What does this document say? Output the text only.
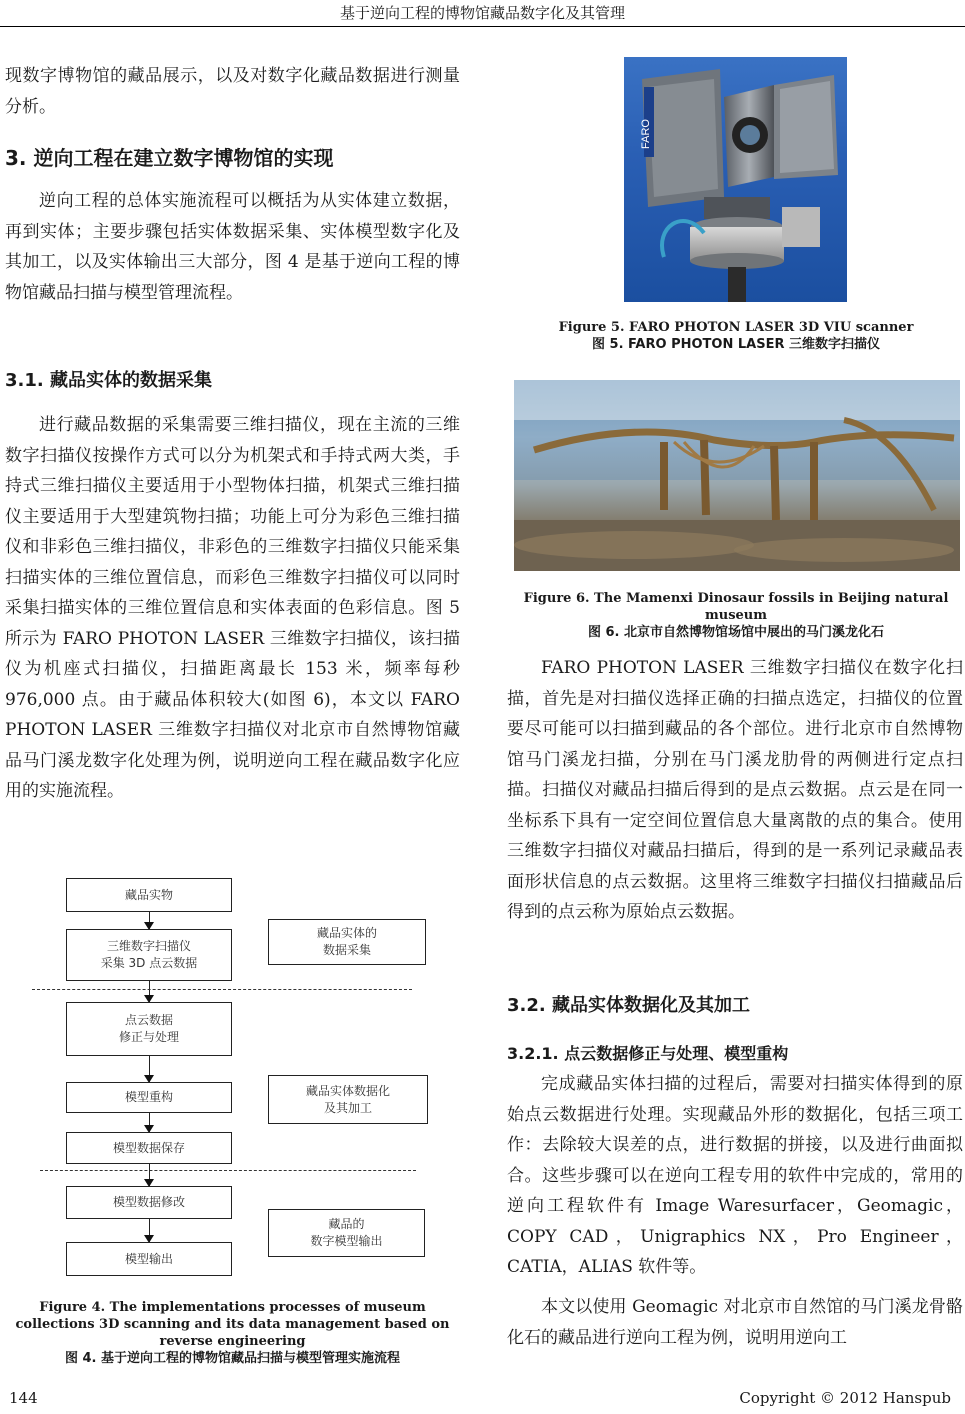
基于逆向工程的博物馆藏品数字化及其管理

现数字博物馆的藏品展示，以及对数字化藏品数据进行测量分析。

3. 逆向工程在建立数字博物馆的实现

逆向工程的总体实施流程可以概括为从实体建立数据，再到实体；主要步骤包括实体数据采集、实体模型数字化及其加工，以及实体输出三大部分，图 4 是基于逆向工程的博物馆藏品扫描与模型管理流程。

3.1. 藏品实体的数据采集

进行藏品数据的采集需要三维扫描仪，现在主流的三维数字扫描仪按操作方式可以分为机架式和手持式两大类，手持式三维扫描仪主要适用于小型物体扫描，机架式三维扫描仪主要适用于大型建筑物扫描；功能上可分为彩色三维扫描仪和非彩色三维扫描仪，非彩色的三维数字扫描仪只能采集扫描实体的三维位置信息，而彩色三维数字扫描仪可以同时采集扫描实体的三维位置信息和实体表面的色彩信息。图 5 所示为 FARO PHOTON LASER 三维数字扫描仪，该扫描仪为机座式扫描仪，扫描距离最长 153 米，频率每秒 976,000 点。由于藏品体积较大(如图 6)，本文以 FARO PHOTON LASER 三维数字扫描仪对北京市自然博物馆藏品马门溪龙数字化处理为例，说明逆向工程在藏品数字化应用的实施流程。

藏品实物
三维数字扫描仪
采集 3D 点云数据
藏品实体的
数据采集
点云数据
修正与处理
模型重构	藏品实体数据化
及其加工
模型数据保存
模型数据修改
藏品的
数字模型输出
模型输出
Figure 4. The implementations processes of museum collections 3D scanning and its data management based on reverse engineering
图 4. 基于逆向工程的博物馆藏品扫描与模型管理实施流程
FARO
Figure 5. FARO PHOTON LASER 3D VIU scanner
图 5. FARO PHOTON LASER 三维数字扫描仪
Figure 6. The Mamenxi Dinosaur fossils in Beijing natural museum
图 6. 北京市自然博物馆场馆中展出的马门溪龙化石

FARO PHOTON LASER 三维数字扫描仪在数字化扫描，首先是对扫描仪选择正确的扫描点选定，扫描仪的位置要尽可能可以扫描到藏品的各个部位。进行北京市自然博物馆马门溪龙扫描，分别在马门溪龙肋骨的两侧进行定点扫描。扫描仪对藏品扫描后得到的是点云数据。点云是在同一坐标系下具有一定空间位置信息大量离散的点的集合。使用三维数字扫描仪对藏品扫描后，得到的是一系列记录藏品表面形状信息的点云数据。这里将三维数字扫描仪扫描藏品后得到的点云称为原始点云数据。

3.2. 藏品实体数据化及其加工
3.2.1. 点云数据修正与处理、模型重构

完成藏品实体扫描的过程后，需要对扫描实体得到的原始点云数据进行处理。实现藏品外形的数据化，包括三项工作：去除较大误差的点，进行数据的拼接，以及进行曲面拟合。这些步骤可以在逆向工程专用的软件中完成的，常用的逆向工程软件有 Image Waresurfacer，Geomagic，COPY CAD，Unigraphics NX，Pro Engineer，CATIA，ALIAS 软件等。

本文以使用 Geomagic 对北京市自然馆的马门溪龙骨骼化石的藏品进行逆向工程为例，说明用逆向工

144	Copyright © 2012 Hanspub
